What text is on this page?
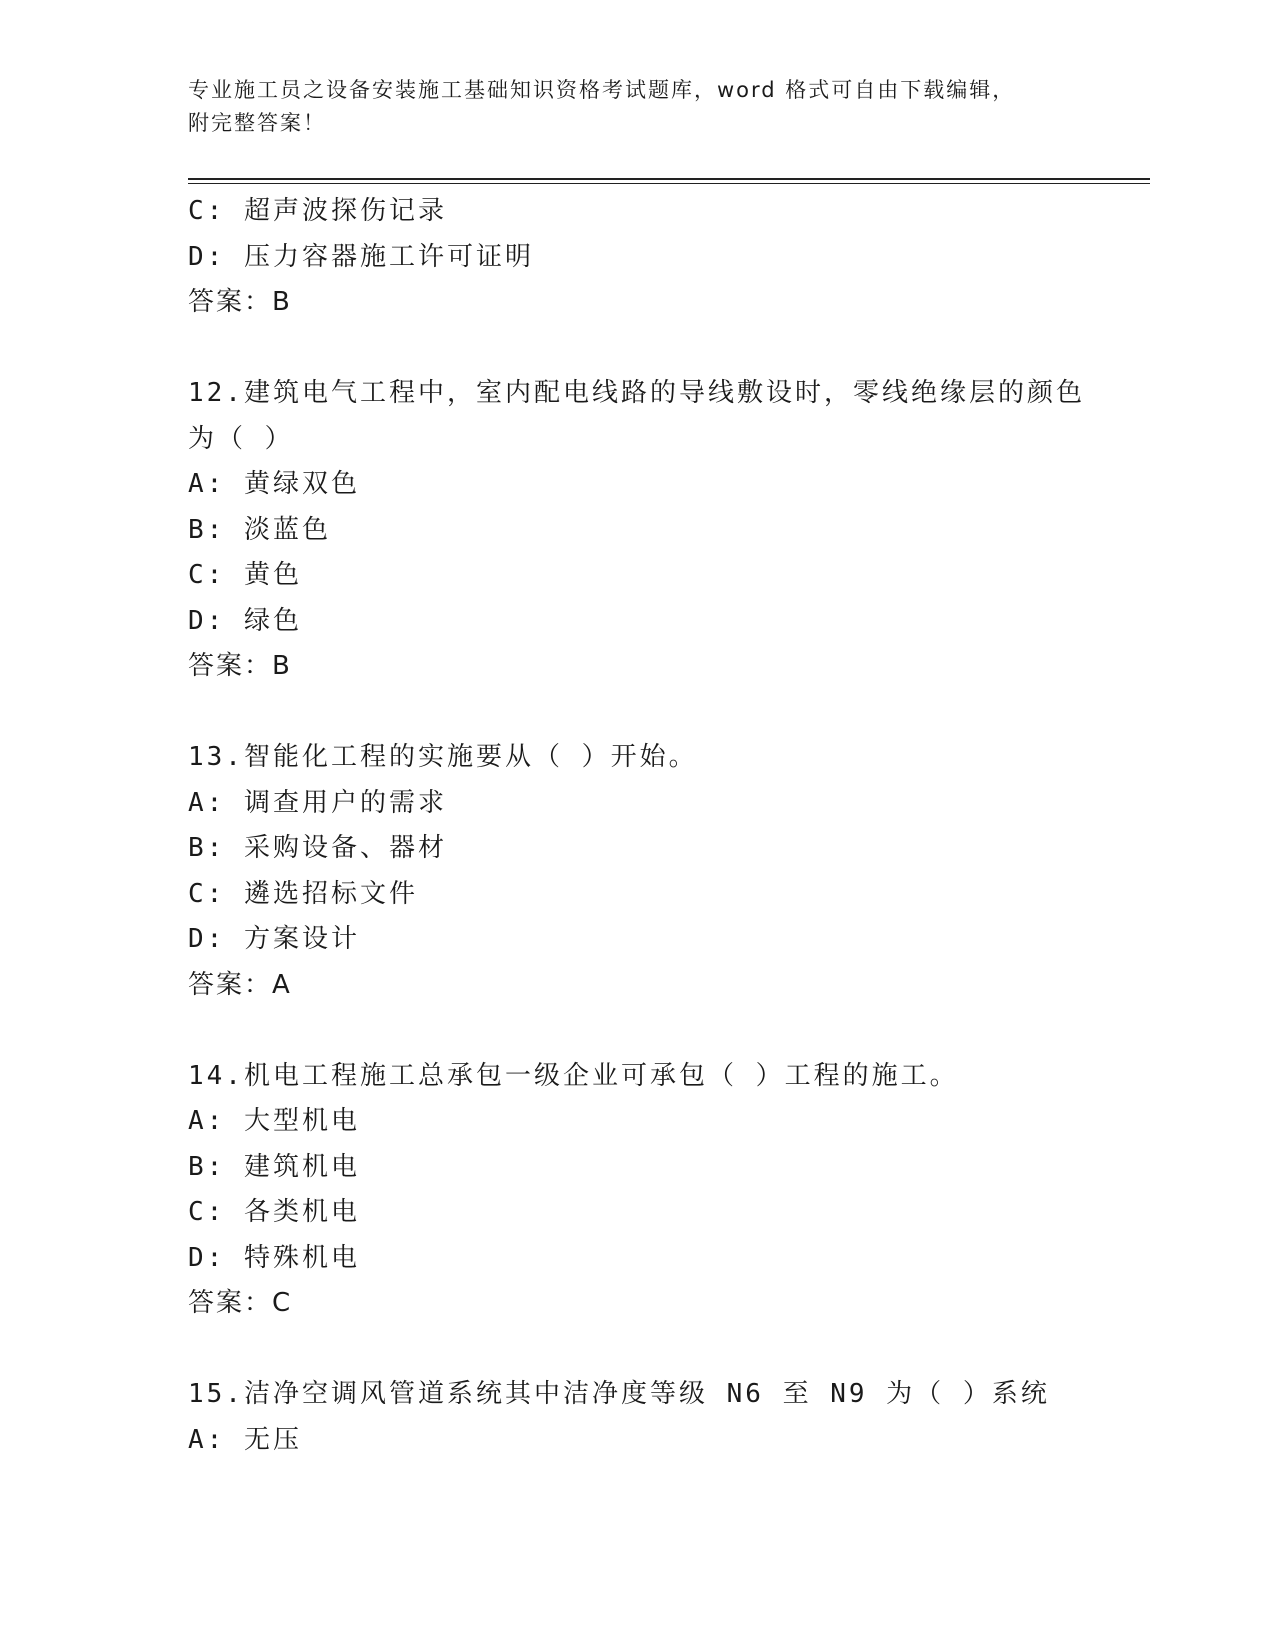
专业施工员之设备安装施工基础知识资格考试题库，word 格式可自由下载编辑，
附完整答案！
C: 超声波探伤记录
D: 压力容器施工许可证明
答案：B
12.建筑电气工程中，室内配电线路的导线敷设时，零线绝缘层的颜色
为（ ）
A: 黄绿双色
B: 淡蓝色
C: 黄色
D: 绿色
答案：B
13.智能化工程的实施要从（ ）开始。
A: 调查用户的需求
B: 采购设备、器材
C: 遴选招标文件
D: 方案设计
答案：A
14.机电工程施工总承包一级企业可承包（ ）工程的施工。
A: 大型机电
B: 建筑机电
C: 各类机电
D: 特殊机电
答案：C
15.洁净空调风管道系统其中洁净度等级 N6 至 N9 为（ ）系统
A: 无压
